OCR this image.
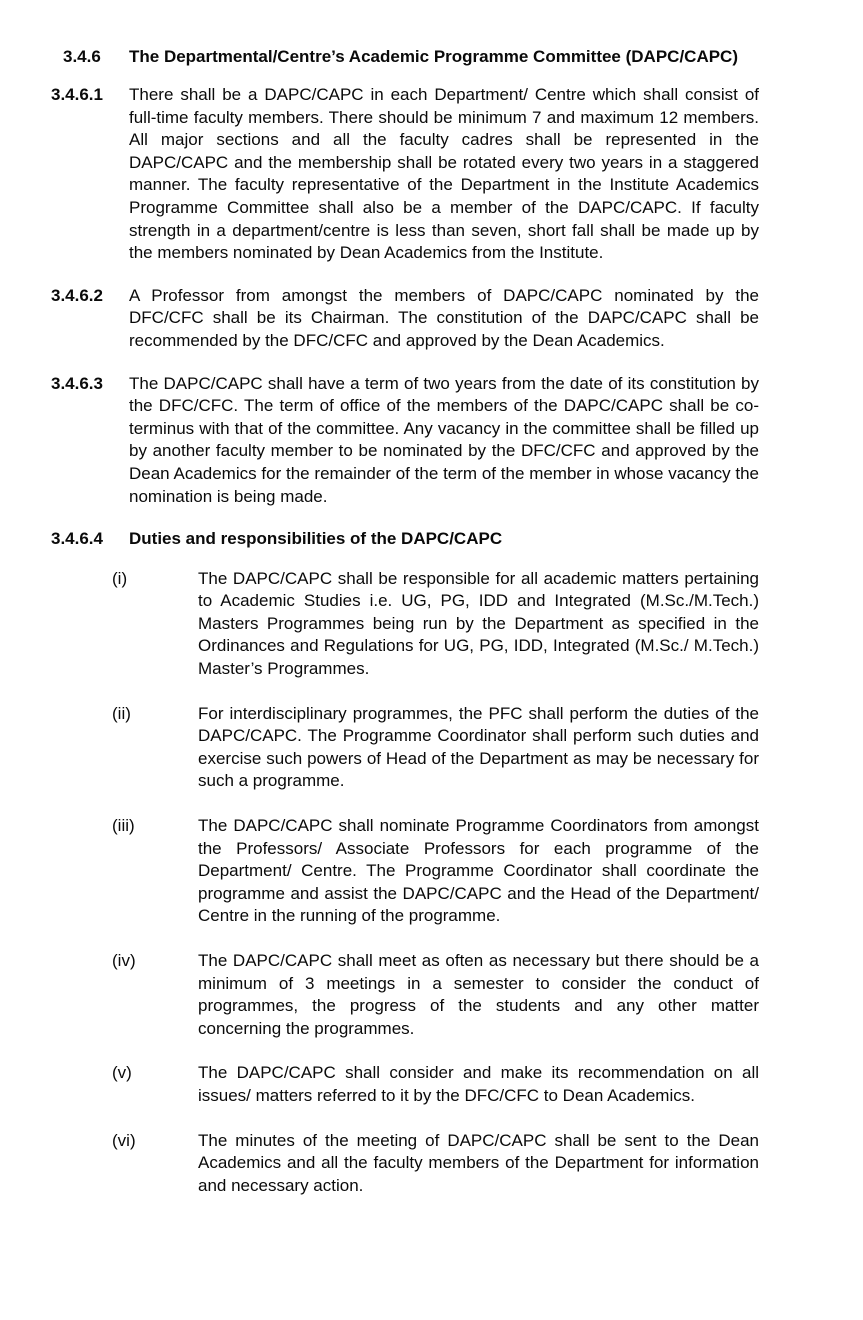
3.4.6 The Departmental/Centre’s Academic Programme Committee (DAPC/CAPC)
3.4.6.1 There shall be a DAPC/CAPC in each Department/ Centre which shall consist of full-time faculty members. There should be minimum 7 and maximum 12 members. All major sections and all the faculty cadres shall be represented in the DAPC/CAPC and the membership shall be rotated every two years in a staggered manner. The faculty representative of the Department in the Institute Academics Programme Committee shall also be a member of the DAPC/CAPC. If faculty strength in a department/centre is less than seven, short fall shall be made up by the members nominated by Dean Academics from the Institute.
3.4.6.2 A Professor from amongst the members of DAPC/CAPC nominated by the DFC/CFC shall be its Chairman. The constitution of the DAPC/CAPC shall be recommended by the DFC/CFC and approved by the Dean Academics.
3.4.6.3 The DAPC/CAPC shall have a term of two years from the date of its constitution by the DFC/CFC. The term of office of the members of the DAPC/CAPC shall be co-terminus with that of the committee. Any vacancy in the committee shall be filled up by another faculty member to be nominated by the DFC/CFC and approved by the Dean Academics for the remainder of the term of the member in whose vacancy the nomination is being made.
3.4.6.4 Duties and responsibilities of the DAPC/CAPC
(i)	The DAPC/CAPC shall be responsible for all academic matters pertaining to Academic Studies i.e. UG, PG, IDD and Integrated (M.Sc./M.Tech.) Masters Programmes being run by the Department as specified in the Ordinances and Regulations for UG, PG, IDD, Integrated (M.Sc./ M.Tech.) Master’s Programmes.
(ii)	For interdisciplinary programmes, the PFC shall perform the duties of the DAPC/CAPC. The Programme Coordinator shall perform such duties and exercise such powers of Head of the Department as may be necessary for such a programme.
(iii)	The DAPC/CAPC shall nominate Programme Coordinators from amongst the Professors/ Associate Professors for each programme of the Department/ Centre. The Programme Coordinator shall coordinate the programme and assist the DAPC/CAPC and the Head of the Department/ Centre in the running of the programme.
(iv)	The DAPC/CAPC shall meet as often as necessary but there should be a minimum of 3 meetings in a semester to consider the conduct of programmes, the progress of the students and any other matter concerning the programmes.
(v)	The DAPC/CAPC shall consider and make its recommendation on all issues/ matters referred to it by the DFC/CFC to Dean Academics.
(vi)	The minutes of the meeting of DAPC/CAPC shall be sent to the Dean Academics and all the faculty members of the Department for information and necessary action.
